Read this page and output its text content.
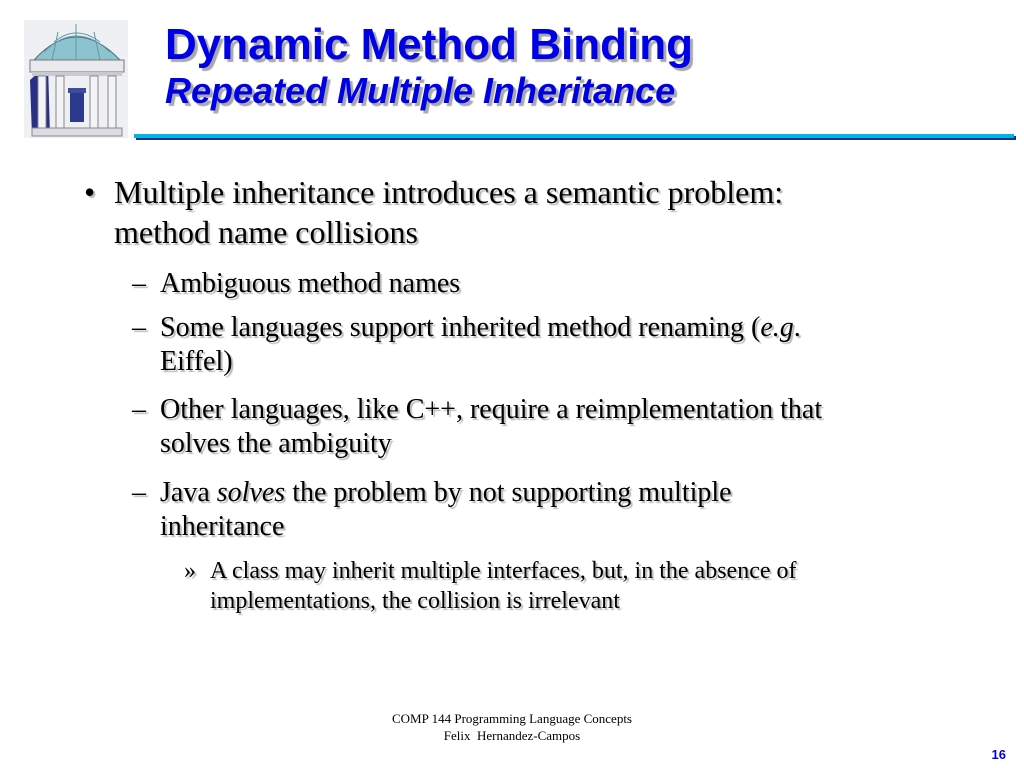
Dynamic Method Binding
Repeated Multiple Inheritance
• Multiple inheritance introduces a semantic problem:
method name collisions
– Ambiguous method names
– Some languages support inherited method renaming (e.g.
Eiffel)
– Other languages, like C++, require a reimplementation that
solves the ambiguity
– Java solves the problem by not supporting multiple
inheritance
» A class may inherit multiple interfaces, but, in the absence of
implementations, the collision is irrelevant
COMP 144 Programming Language Concepts
Felix  Hernandez-Campos
16
